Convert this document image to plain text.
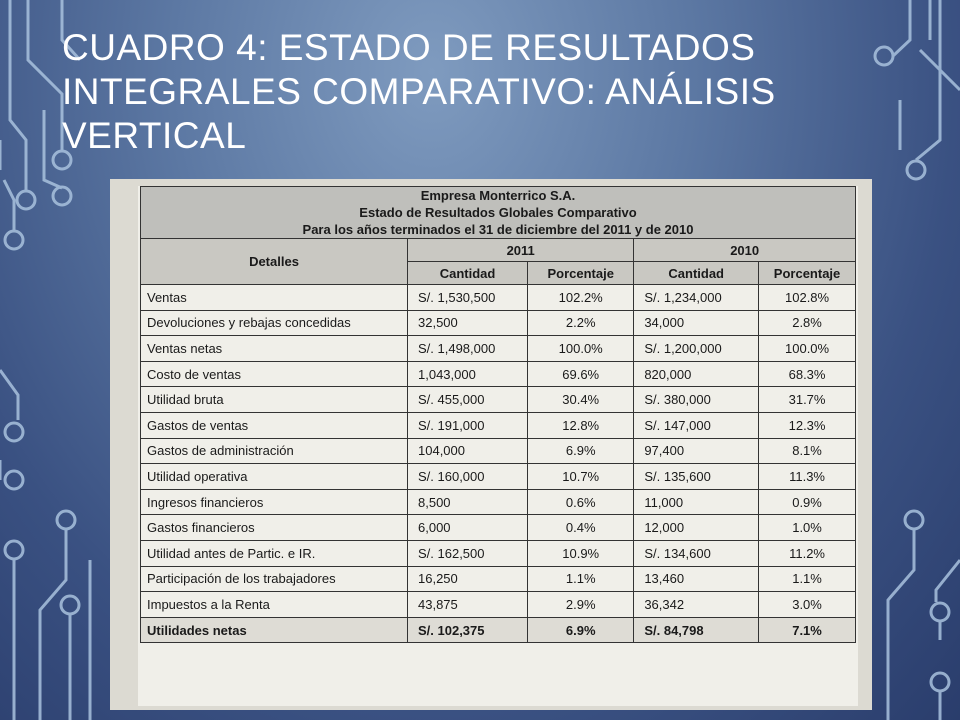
CUADRO 4: ESTADO DE RESULTADOS INTEGRALES COMPARATIVO: ANÁLISIS VERTICAL
Empresa Monterrico S.A.
Estado de Resultados Globales Comparativo
Para los años terminados el 31 de diciembre del 2011 y de 2010				

Detalles	2011		2010	
	Cantidad	Porcentaje	Cantidad	Porcentaje
Ventas	S/. 1,530,500	102.2%	S/. 1,234,000	102.8%
Devoluciones y rebajas concedidas	32,500	2.2%	34,000	2.8%
Ventas netas	S/. 1,498,000	100.0%	S/. 1,200,000	100.0%
Costo de ventas	1,043,000	69.6%	820,000	68.3%
Utilidad bruta	S/. 455,000	30.4%	S/. 380,000	31.7%
Gastos de ventas	S/. 191,000	12.8%	S/. 147,000	12.3%
Gastos de administración	104,000	6.9%	97,400	8.1%
Utilidad operativa	S/. 160,000	10.7%	S/. 135,600	11.3%
Ingresos financieros	8,500	0.6%	11,000	0.9%
Gastos financieros	6,000	0.4%	12,000	1.0%
Utilidad antes de Partic. e IR.	S/. 162,500	10.9%	S/. 134,600	11.2%
Participación de los trabajadores	16,250	1.1%	13,460	1.1%
Impuestos a la Renta	43,875	2.9%	36,342	3.0%
Utilidades netas	S/. 102,375	6.9%	S/. 84,798	7.1%
